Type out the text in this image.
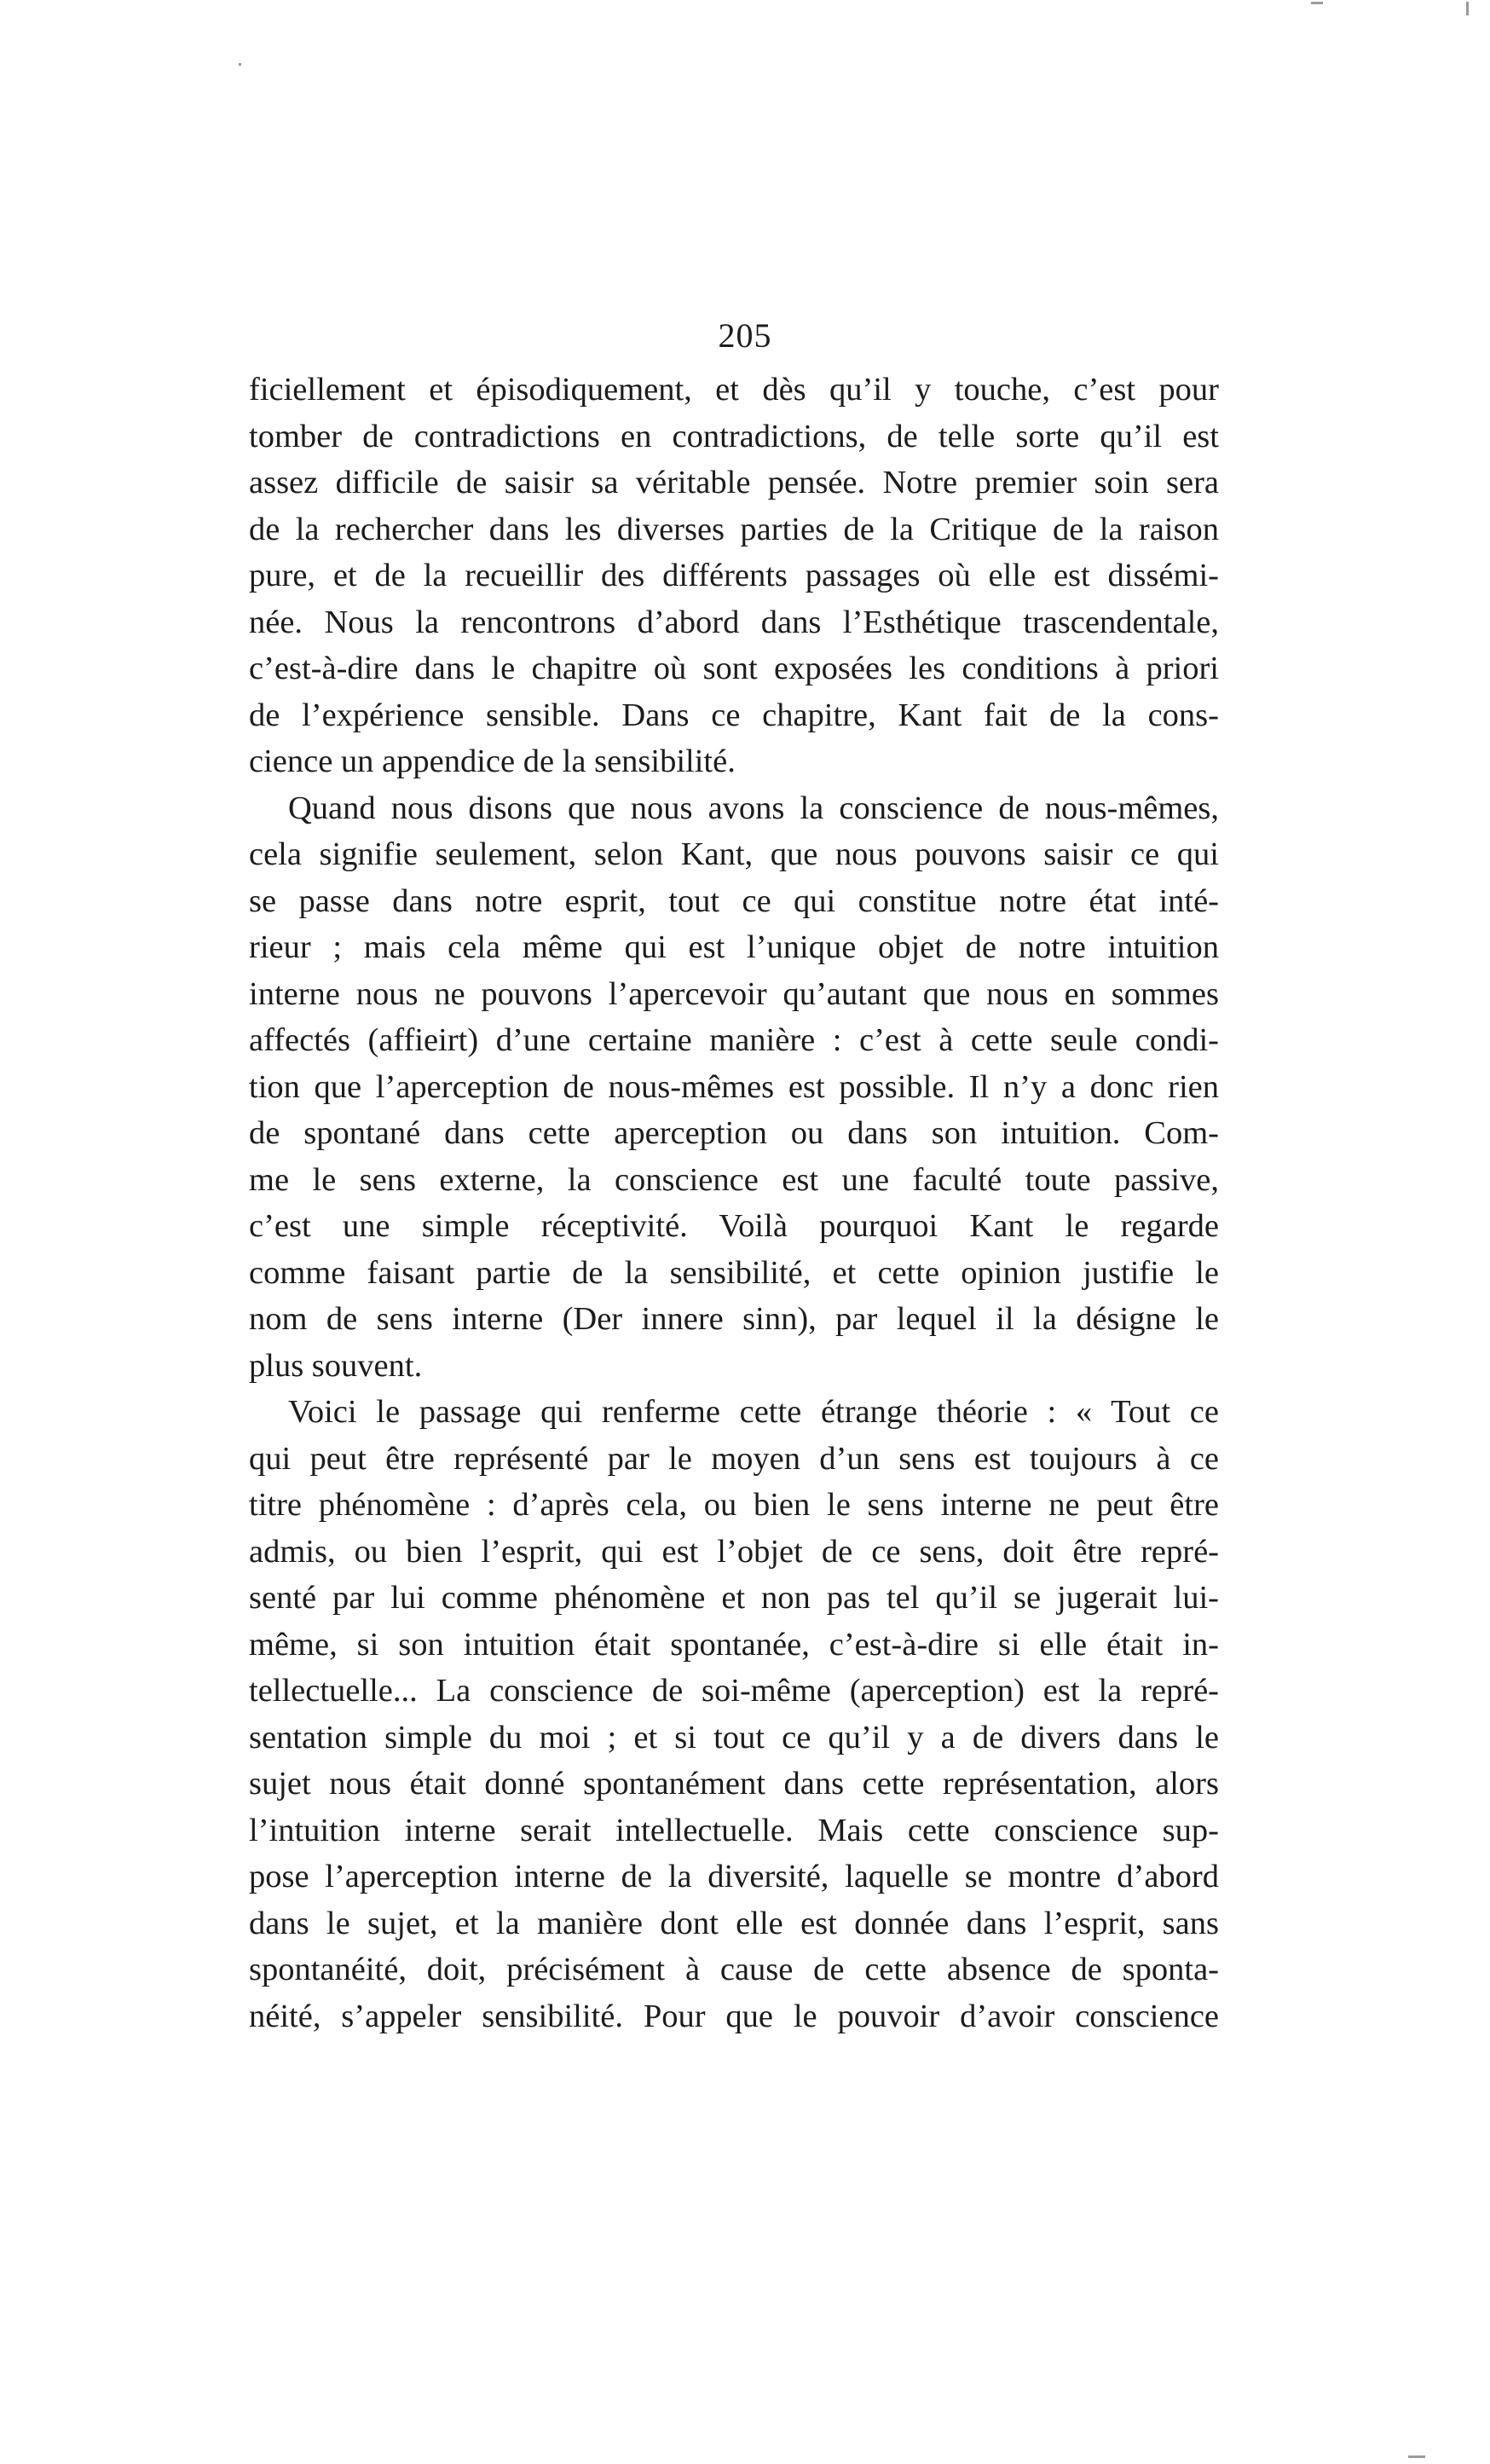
205
ficiellement et épisodiquement, et dès qu’il y touche, c’est pour
tomber de contradictions en contradictions, de telle sorte qu’il est
assez difficile de saisir sa véritable pensée. Notre premier soin sera
de la rechercher dans les diverses parties de la Critique de la raison
pure, et de la recueillir des différents passages où elle est dissémi-
née. Nous la rencontrons d’abord dans l’Esthétique trascendentale,
c’est-à-dire dans le chapitre où sont exposées les conditions à priori
de l’expérience sensible. Dans ce chapitre, Kant fait de la cons-
cience un appendice de la sensibilité.
Quand nous disons que nous avons la conscience de nous-mêmes,
cela signifie seulement, selon Kant, que nous pouvons saisir ce qui
se passe dans notre esprit, tout ce qui constitue notre état inté-
rieur ; mais cela même qui est l’unique objet de notre intuition
interne nous ne pouvons l’apercevoir qu’autant que nous en sommes
affectés (affieirt) d’une certaine manière : c’est à cette seule condi-
tion que l’aperception de nous-mêmes est possible. Il n’y a donc rien
de spontané dans cette aperception ou dans son intuition. Com-
me le sens externe, la conscience est une faculté toute passive,
c’est une simple réceptivité. Voilà pourquoi Kant le regarde
comme faisant partie de la sensibilité, et cette opinion justifie le
nom de sens interne (Der innere sinn), par lequel il la désigne le
plus souvent.
Voici le passage qui renferme cette étrange théorie : « Tout ce
qui peut être représenté par le moyen d’un sens est toujours à ce
titre phénomène : d’après cela, ou bien le sens interne ne peut être
admis, ou bien l’esprit, qui est l’objet de ce sens, doit être repré-
senté par lui comme phénomène et non pas tel qu’il se jugerait lui-
même, si son intuition était spontanée, c’est-à-dire si elle était in-
tellectuelle... La conscience de soi-même (aperception) est la repré-
sentation simple du moi ; et si tout ce qu’il y a de divers dans le
sujet nous était donné spontanément dans cette représentation, alors
l’intuition interne serait intellectuelle. Mais cette conscience sup-
pose l’aperception interne de la diversité, laquelle se montre d’abord
dans le sujet, et la manière dont elle est donnée dans l’esprit, sans
spontanéité, doit, précisément à cause de cette absence de sponta-
néité, s’appeler sensibilité. Pour que le pouvoir d’avoir conscience
